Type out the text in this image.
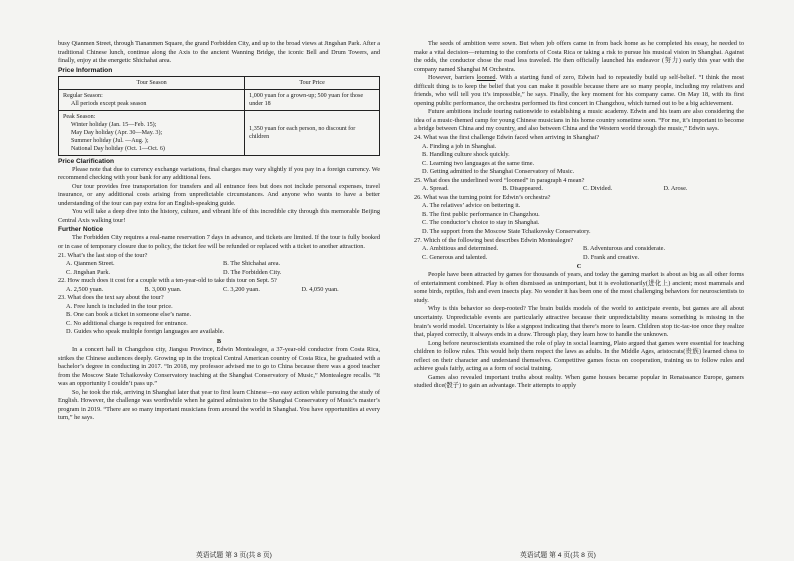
busy Qianmen Street, through Tiananmen Square, the grand Forbidden City, and up to the broad views at Jingshan Park. After a traditional Chinese lunch, continue along the Axis to the ancient Wanning Bridge, the iconic Bell and Drum Towers, and finally, enjoy at the energetic Shichahai area.

Price Information
Tour Season	Tour Price

Regular Season:
All periods except peak season	1,000 yuan for a grown-up; 500 yuan for those under 18

Peak Season:
Winter holiday (Jan. 15—Feb. 15);
May Day holiday (Apr. 30—May. 3);
Summer holiday (Jul. —Aug. );
National Day holiday (Oct. 1—Oct. 6)	1,350 yuan for each person, no discount for children
Price Clarification

Please note that due to currency exchange variations, final charges may vary slightly if you pay in a foreign currency. We recommend checking with your bank for any additional fees.

Our tour provides free transportation for transfers and all entrance fees but does not include personal expenses, travel insurance, or any additional costs arising from unpredictable circumstances. And anyone who wants to have a better understanding of the tour can pay extra for an English-speaking guide.

You will take a deep dive into the history, culture, and vibrant life of this incredible city through this memorable Beijing Central Axis walking tour!

Further Notice

The Forbidden City requires a real-name reservation 7 days in advance, and tickets are limited. If the tour is fully booked or in case of temporary closure due to policy, the ticket fee will be refunded or replaced with a ticket to another attraction.

21. What’s the last stop of the tour?

A. Qianmen Street.	B. The Shichahai area.
C. Jingshan Park.	D. The Forbidden City.

22. How much does it cost for a couple with a ten-year-old to take this tour on Sept. 5?

A. 2,500 yuan.	B. 3,000 yuan.	C. 3,200 yuan.	D. 4,050 yuan.

23. What does the text say about the tour?

A. Free lunch is included in the tour price.
B. One can book a ticket in someone else’s name.
C. No additional charge is required for entrance.
D. Guides who speak multiple foreign languages are available.
B

In a concert hall in Changzhou city, Jiangsu Province, Edwin Montealegre, a 37-year-old conductor from Costa Rica, strikes the Chinese audiences deeply. Growing up in the tropical Central American country of Costa Rica, he graduated with a bachelor’s degree in conducting in 2017. “In 2018, my professor advised me to go to China because there was a good teacher from the Moscow State Tchaikovsky Conservatory teaching at the Shanghai Conservatory of Music,” Montealegre recalls. “It was an opportunity I couldn’t pass up.”

So, he took the risk, arriving in Shanghai later that year to first learn Chinese—no easy action while pursuing the study of English. However, the challenge was worthwhile when he gained admission to the Shanghai Conservatory of Music’s master’s program in 2019. “There are so many important musicians from around the world in Shanghai. You have opportunities at every turn,” he says.

The seeds of ambition were sown. But when job offers came in from back home as he completed his essay, he needed to make a vital decision—returning to the comforts of Costa Rica or taking a risk to pursue his musical vision in Shanghai. Against the odds, the conductor chose the road less traveled. He then officially launched his endeavor (努力) early this year with the company named Shanghai M Orchestra.

However, barriers loomed. With a starting fund of zero, Edwin had to repeatedly build up self-belief. “I think the most difficult thing is to keep the belief that you can make it possible because there are so many people, including my relatives and friends, who will tell you it’s impossible,” he says. Finally, the key moment for his company came. On May 18, with its first opening public performance, the orchestra performed its first concert in Changzhou, which turned out to be a big achievement.

Future ambitions include touring nationwide to establishing a music academy. Edwin and his team are also considering the idea of a music-themed camp for young Chinese musicians in his home country sometime soon. “For me, it’s important to become a bridge between China and my country, and also between China and the Western world through the music,” Edwin says.

24. What was the first challenge Edwin faced when arriving in Shanghai?

A. Finding a job in Shanghai.
B. Handling culture shock quickly.
C. Learning two languages at the same time.
D. Getting admitted to the Shanghai Conservatory of Music.

25. What does the underlined word “loomed” in paragraph 4 mean?

A. Spread.	B. Disappeared.	C. Divided.	D. Arose.

26. What was the turning point for Edwin’s orchestra?

A. The relatives’ advice on bettering it.
B. The first public performance in Changzhou.
C. The conductor’s choice to stay in Shanghai.
D. The support from the Moscow State Tchaikovsky Conservatory.

27. Which of the following best describes Edwin Montealegre?

A. Ambitious and determined.	B. Adventurous and considerate.
C. Generous and talented.	D. Frank and creative.
C

People have been attracted by games for thousands of years, and today the gaming market is about as big as all other forms of entertainment combined. Play is often dismissed as unimportant, but it is evolutionarily(进化上) ancient; most mammals and some birds, reptiles, fish and even insects play. No wonder it has been one of the most challenging behaviors for neuroscientists to study.

Why is this behavior so deep-rooted? The brain builds models of the world to anticipate events, but games are all about uncertainty. Unpredictable events are particularly attractive because their unpredictability means something is missing in the brain’s world model. Uncertainty is like a signpost indicating that there’s more to learn. Children stop tic-tac-toe once they realize that, played correctly, it always ends in a draw. Through play, they learn how to handle the unknown.

Long before neuroscientists examined the role of play in social learning, Plato argued that games were essential for teaching children to follow rules. This would help them respect the laws as adults. In the Middle Ages, aristocrats(贵族) learned chess to reflect on their character and understand themselves. Competitive games focus on cooperation, training us to follow rules and achieve goals fairly, acting as a form of social training.

Games also revealed important truths about reality. When game houses became popular in Renaissance Europe, gamers studied dice(骰子) to gain an advantage. Their attempts to apply

英语试题 第 3 页(共 8 页)	英语试题 第 4 页(共 8 页)
